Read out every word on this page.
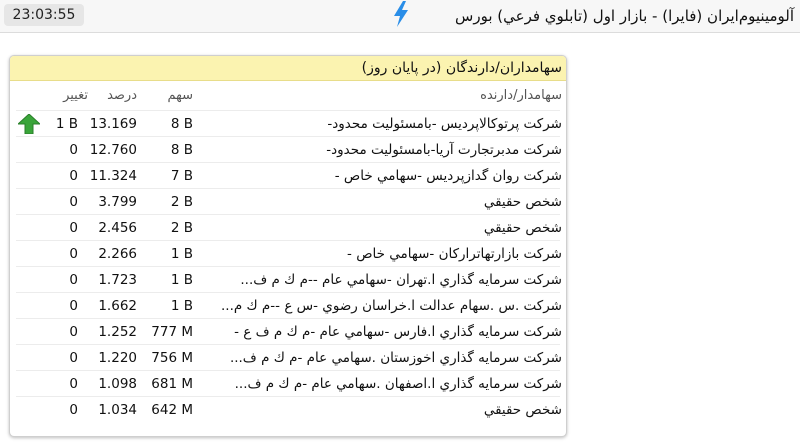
23:03:55	آلومينيوم‌ايران (فايرا) - بازار اول (تابلوي فرعي) بورس
سهامداران/دارندگان (در پايان روز)
سهامدار/دارنده
سهم
درصد
تغيير
شركت پرتوكالاپرديس -بامسئوليت محدود-
8 B
13.169
1 B
شركت مدبرتجارت آريا-بامسئوليت محدود-
8 B
12.760
0
شركت روان گدازپرديس -سهامي خاص -
7 B
11.324
0
شخص حقيقي
2 B
3.799
0
شخص حقيقي
2 B
2.456
0
شركت بازارتهاتراركان -سهامي خاص -
1 B
2.266
0
شركت سرمايه گذاري ا.تهران -سهامي عام --م ك م ف...
1 B
1.723
0
شركت .س .سهام عدالت ا.خراسان رضوي -س ع --م ك م...
1 B
1.662
0
شركت سرمايه گذاري ا.فارس -سهامي عام -م ك م ف ع -
777 M
1.252
0
شركت سرمايه گذاري اخوزستان .سهامي عام -م ك م ف...
756 M
1.220
0
شركت سرمايه گذاري ا.اصفهان .سهامي عام -م ك م ف...
681 M
1.098
0
شخص حقيقي
642 M
1.034
0
